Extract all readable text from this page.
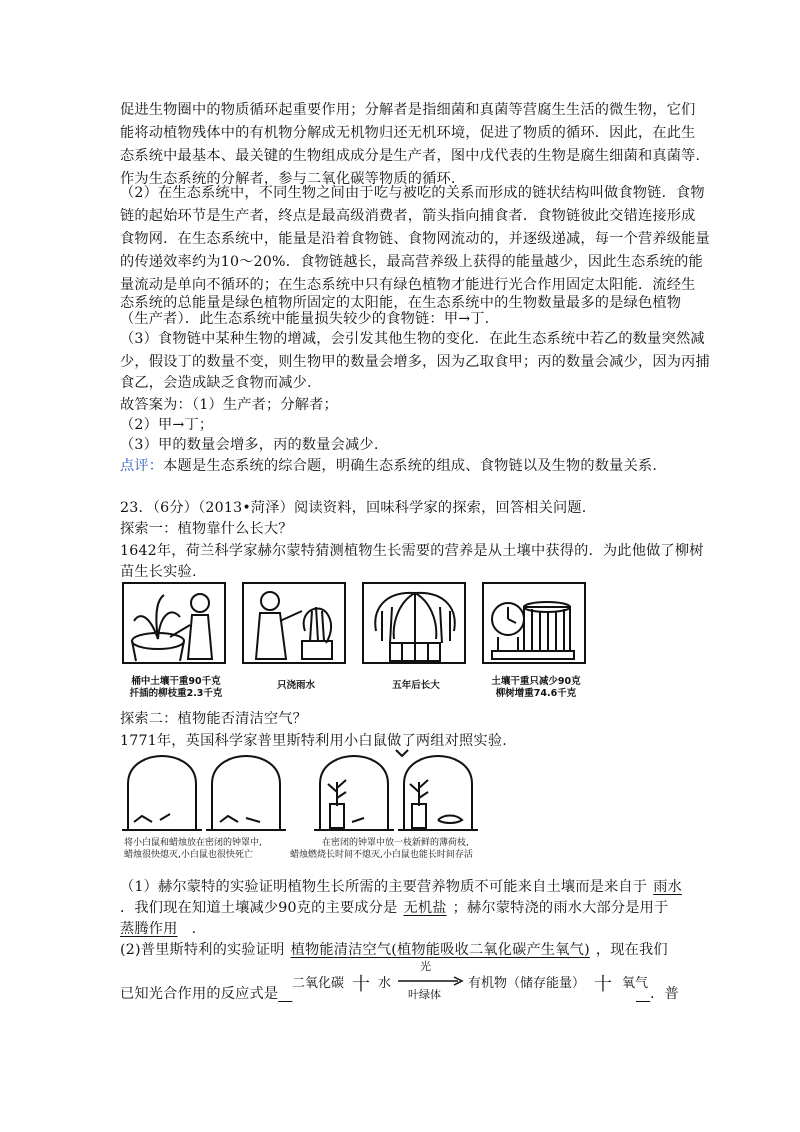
促进生物圈中的物质循环起重要作用；分解者是指细菌和真菌等营腐生生活的微生物，它们
能将动植物残体中的有机物分解成无机物归还无机环境，促进了物质的循环．因此，在此生
态系统中最基本、最关键的生物组成成分是生产者，图中戊代表的生物是腐生细菌和真菌等.
作为生态系统的分解者，参与二氧化碳等物质的循环.
（2）在生态系统中，不同生物之间由于吃与被吃的关系而形成的链状结构叫做食物链．食物
链的起始环节是生产者，终点是最高级消费者，箭头指向捕食者．食物链彼此交错连接形成
食物网．在生态系统中，能量是沿着食物链、食物网流动的，并逐级递减，每一个营养级能量
的传递效率约为10～20%．食物链越长，最高营养级上获得的能量越少，因此生态系统的能
量流动是单向不循环的；在生态系统中只有绿色植物才能进行光合作用固定太阳能．流经生
态系统的总能量是绿色植物所固定的太阳能，在生态系统中的生物数量最多的是绿色植物
（生产者）．此生态系统中能量损失较少的食物链：甲→丁.
（3）食物链中某种生物的增减，会引发其他生物的变化．在此生态系统中若乙的数量突然减
少，假设丁的数量不变，则生物甲的数量会增多，因为乙取食甲；丙的数量会减少，因为丙捕
食乙，会造成缺乏食物而减少.
故答案为：（1）生产者；分解者；
（2）甲→丁；
（3）甲的数量会增多，丙的数量会减少.
点评：本题是生态系统的综合题，明确生态系统的组成、食物链以及生物的数量关系.
23．（6分）（2013•菏泽）阅读资料，回味科学家的探索，回答相关问题.
探索一：植物靠什么长大？
1642年，荷兰科学家赫尔蒙特猜测植物生长需要的营养是从土壤中获得的．为此他做了柳树
苗生长实验.
桶中土壤干重90千克
扦插的柳枝重2.3千克
只浇雨水	五年后长大	土壤干重只减少90克
柳树增重74.6千克
探索二：植物能否清洁空气？
1771年，英国科学家普里斯特利用小白鼠做了两组对照实验.
将小白鼠和蜡烛放在密闭的钟罩中,
蜡烛很快熄灭,小白鼠也很快死亡
在密闭的钟罩中放一枝新鲜的薄荷枝,
蜡烛燃烧长时间不熄灭,小白鼠也能长时间存活
（1）赫尔蒙特的实验证明植物生长所需的主要营养物质不可能来自土壤而是来自于 雨水
．我们现在知道土壤减少90克的主要成分是 无机盐 ；赫尔蒙特浇的雨水大部分是用于
蒸腾作用 .
(2)普里斯特利的实验证明 植物能清洁空气(植物能吸收二氧化碳产生氧气) ，现在我们
已知光合作用的反应式是	．普
二氧化碳 十 水
光
叶绿体
有机物（储存能量） 十 氧气
